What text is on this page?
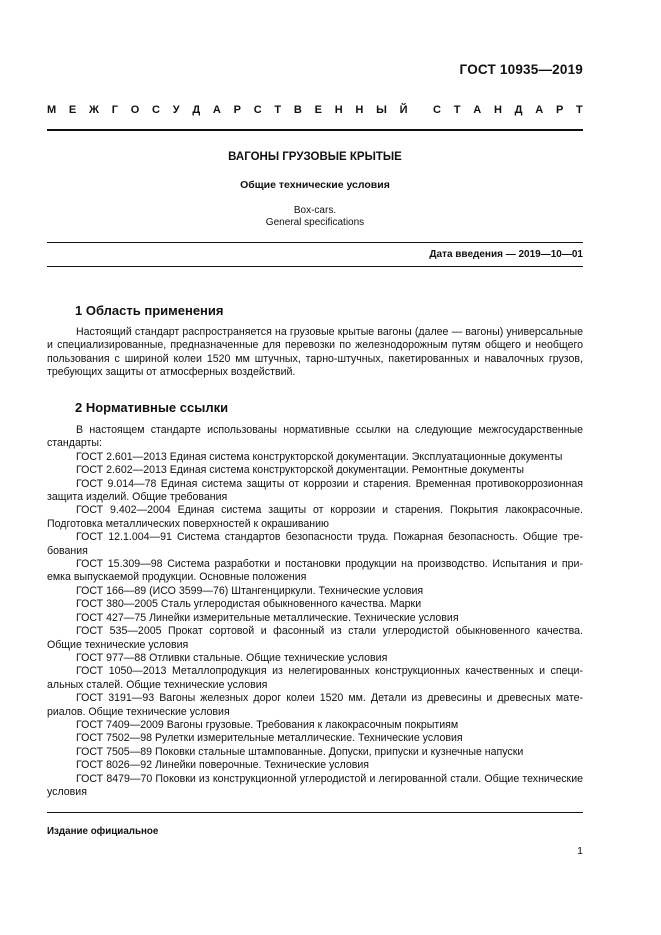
ГОСТ 10935—2019
М Е Ж Г О С У Д А Р С Т В Е Н Н Ы Й С Т А Н Д А Р Т
ВАГОНЫ ГРУЗОВЫЕ КРЫТЫЕ
Общие технические условия
Box-cars.
General specifications
Дата введения — 2019—10—01
1 Область применения

Настоящий стандарт распространяется на грузовые крытые вагоны (далее — вагоны) универсальные и специализированные, предназначенные для перевозки по железнодорожным путям общего и необщего пользования с шириной колеи 1520 мм штучных, тарно-штучных, пакетированных и навалочных грузов, требующих защиты от атмосферных воздействий.

2 Нормативные ссылки

В настоящем стандарте использованы нормативные ссылки на следующие межгосударственные стандарты:

ГОСТ 2.601—2013 Единая система конструкторской документации. Эксплуатационные документы

ГОСТ 2.602—2013 Единая система конструкторской документации. Ремонтные документы

ГОСТ 9.014—78 Единая система защиты от коррозии и старения. Временная противокоррозионная защита изделий. Общие требования

ГОСТ 9.402—2004 Единая система защиты от коррозии и старения. Покрытия лакокрасочные. Подготовка металлических поверхностей к окрашиванию

ГОСТ 12.1.004—91 Система стандартов безопасности труда. Пожарная безопасность. Общие требования

ГОСТ 15.309—98 Система разработки и постановки продукции на производство. Испытания и приемка выпускаемой продукции. Основные положения

ГОСТ 166—89 (ИСО 3599—76) Штангенциркули. Технические условия

ГОСТ 380—2005 Сталь углеродистая обыкновенного качества. Марки

ГОСТ 427—75 Линейки измерительные металлические. Технические условия

ГОСТ 535—2005 Прокат сортовой и фасонный из стали углеродистой обыкновенного качества. Общие технические условия

ГОСТ 977—88 Отливки стальные. Общие технические условия

ГОСТ 1050—2013 Металлопродукция из нелегированных конструкционных качественных и специальных сталей. Общие технические условия

ГОСТ 3191—93 Вагоны железных дорог колеи 1520 мм. Детали из древесины и древесных материалов. Общие технические условия

ГОСТ 7409—2009 Вагоны грузовые. Требования к лакокрасочным покрытиям

ГОСТ 7502—98 Рулетки измерительные металлические. Технические условия

ГОСТ 7505—89 Поковки стальные штампованные. Допуски, припуски и кузнечные напуски

ГОСТ 8026—92 Линейки поверочные. Технические условия

ГОСТ 8479—70 Поковки из конструкционной углеродистой и легированной стали. Общие технические условия

Издание официальное
1
